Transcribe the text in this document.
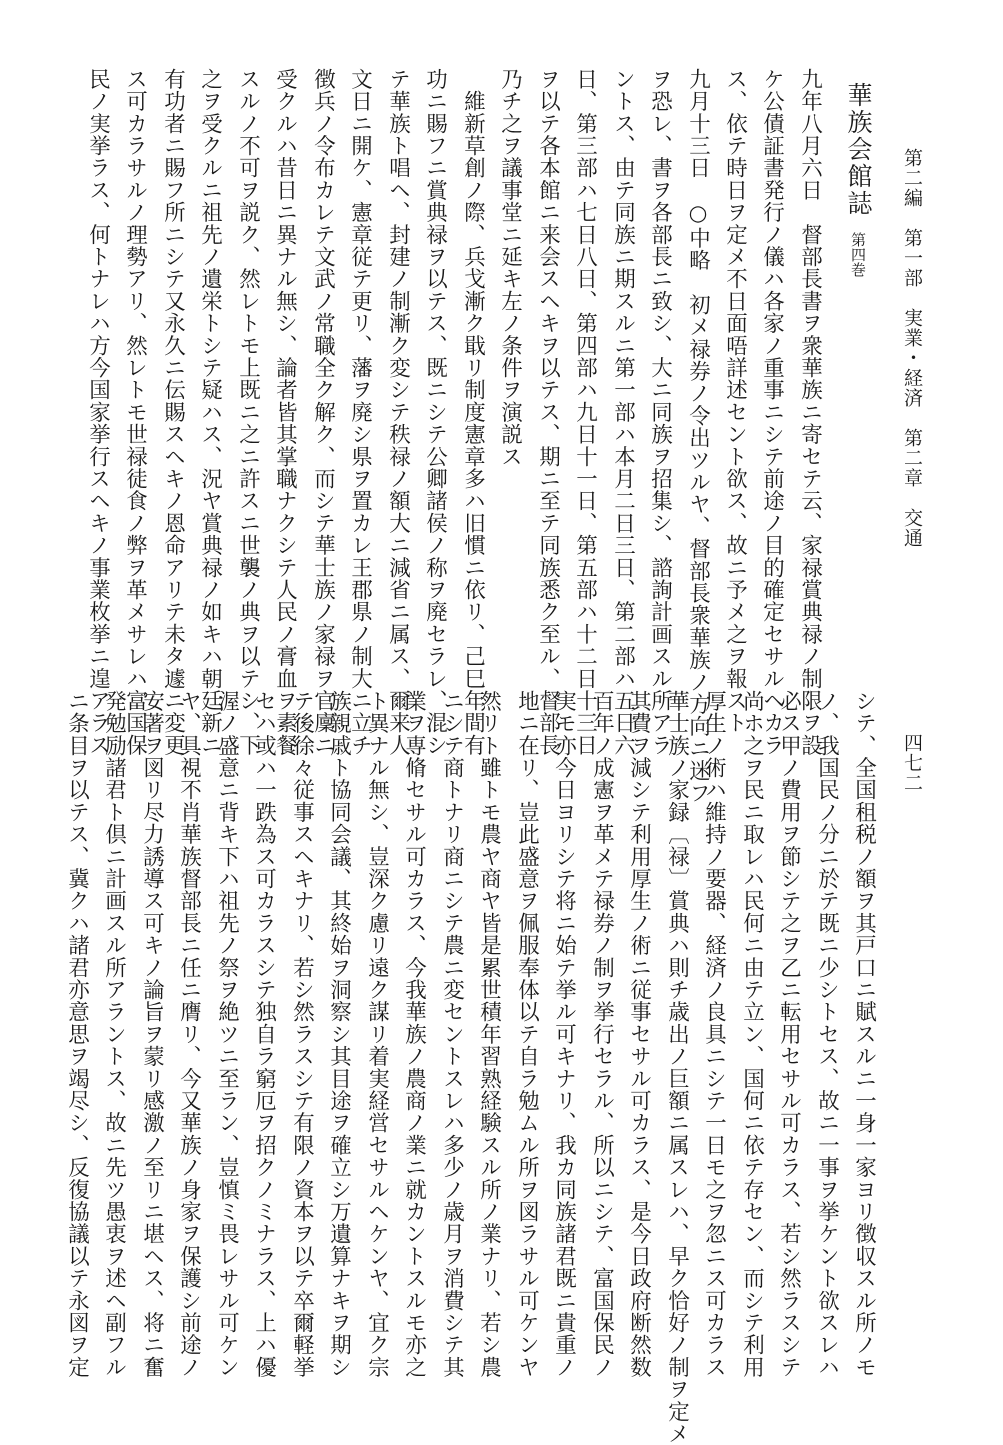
第二編　第一部　実業・経済　第二章　交通
四七二
華族会館誌
第四巻
九年八月六日　督部長書ヲ衆華族ニ寄セテ云、家禄賞典禄ノ制限ヲ設
ケ公債証書発行ノ儀ハ各家ノ重事ニシテ前途ノ目的確定セサルヘカラ
ス、依テ時日ヲ定メ不日面唔詳述セント欲ス、故ニ予メ之ヲ報スト
九月十三日　○中略　初メ禄券ノ令出ツルヤ、督部長衆華族ノ方向ニ迷フ
ヲ恐レ、書ヲ各部長ニ致シ、大ニ同族ヲ招集シ、諮詢計画スル所アラ
ントス、由テ同族ニ期スルニ第一部ハ本月二日三日、第二部ハ五日六
日、第三部ハ七日八日、第四部ハ九日十一日、第五部ハ十二日十三日
ヲ以テ各本館ニ来会スヘキヲ以テス、期ニ至テ同族悉ク至ル、督部長
乃チ之ヲ議事堂ニ延キ左ノ条件ヲ演説ス
　維新草創ノ際、兵戈漸ク戢リ制度憲章多ハ旧慣ニ依リ、己巳年間有
功ニ賜フニ賞典禄ヲ以テス、既ニシテ公卿諸侯ノ称ヲ廃セラレ、混シ
テ華族ト唱ヘ、封建ノ制漸ク変シテ秩禄ノ額大ニ減省ニ属ス、爾来人
文日ニ開ケ、憲章従テ更リ、藩ヲ廃シ県ヲ置カレ王郡県ノ制大ニ立チ
徴兵ノ令布カレテ文武ノ常職全ク解ク、而シテ華士族ノ家禄ヲ官廩ニ
受クルハ昔日ニ異ナル無シ、論者皆其掌職ナクシテ人民ノ膏血ヲ素餐
スルノ不可ヲ説ク、然レトモ上既ニ之ニ許スニ世襲ノ典ヲ以テシ、下
之ヲ受クルニ祖先ノ遺栄トシテ疑ハス、況ヤ賞典禄ノ如キハ朝廷新ニ
有功者ニ賜フ所ニシテ又永久ニ伝賜スヘキノ恩命アリテ未タ遽ニ変更
ス可カラサルノ理勢アリ、然レトモ世禄徒食ノ弊ヲ革メサレハ富国保
民ノ実挙ラス、何トナレハ方今国家挙行スヘキノ事業枚挙ニ遑アラス
シテ、全国租税ノ額ヲ其戸口ニ賦スルニ一身一家ヨリ徴収スル所ノモ
ノ、我国民ノ分ニ於テ既ニ少シトセス、故ニ一事ヲ挙ケント欲スレハ
必ス甲ノ費用ヲ節シテ之ヲ乙ニ転用セサル可カラス、若シ然ラスシテ
尚ホ之ヲ民ニ取レハ民何ニ由テ立ン、国何ニ依テ存セン、而シテ利用
厚生ノ術ハ維持ノ要器、経済ノ良具ニシテ一日モ之ヲ忽ニス可カラス
華士族ノ家録〔禄〕賞典ハ則チ歳出ノ巨額ニ属スレハ、早ク恰好ノ制ヲ定メ
其費ヲ減シテ利用厚生ノ術ニ従事セサル可カラス、是今日政府断然数
百年ノ成憲ヲ革メテ禄券ノ制ヲ挙行セラル、所以ニシテ、富国保民ノ
実モ亦今日ヨリシテ将ニ始テ挙ル可キナリ、我カ同族諸君既ニ貴重ノ
地ニ在リ、豈此盛意ヲ佩服奉体以テ自ラ勉ムル所ヲ図ラサル可ケンヤ
然リト雖トモ農ヤ商ヤ皆是累世積年習熟経験スル所ノ業ナリ、若シ農
ニシテ商トナリ商ニシテ農ニ変セントスレハ多少ノ歳月ヲ消費シテ其
業ヲ専脩セサル可カラス、今我華族ノ農商ノ業ニ就カントスルモ亦之
ト異ナル無シ、豈深ク慮リ遠ク謀リ着実経営セサルヘケンヤ、宜ク宗
族親戚ト協同会議、其終始ヲ洞察シ其目途ヲ確立シ万遺算ナキヲ期シ
テ後徐々従事スヘキナリ、若シ然ラスシテ有限ノ資本ヲ以テ卒爾軽挙
セハ或ハ一跌為ス可カラスシテ独自ラ窮厄ヲ招クノミナラス、上ハ優
渥ノ盛意ニ背キ下ハ祖先ノ祭ヲ絶ツニ至ラン、豈慎ミ畏レサル可ケン
ヤ、具視不肖華族督部長ニ任ニ膺リ、今又華族ノ身家ヲ保護シ前途ノ
安著ヲ図リ尽力誘導ス可キノ論旨ヲ蒙リ感激ノ至リニ堪ヘス、将ニ奮
発勉励諸君ト倶ニ計画スル所アラントス、故ニ先ツ愚衷ヲ述ヘ副フル
ニ条目ヲ以テス、冀クハ諸君亦意思ヲ竭尽シ、反復協議以テ永図ヲ定
